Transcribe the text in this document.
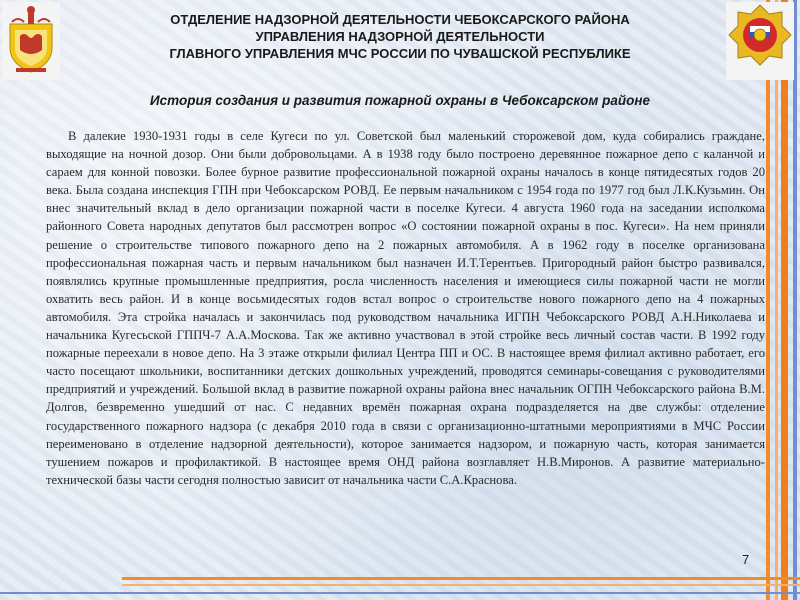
ОТДЕЛЕНИЕ НАДЗОРНОЙ ДЕЯТЕЛЬНОСТИ ЧЕБОКСАРСКОГО РАЙОНА
УПРАВЛЕНИЯ НАДЗОРНОЙ ДЕЯТЕЛЬНОСТИ
ГЛАВНОГО УПРАВЛЕНИЯ МЧС РОССИИ ПО ЧУВАШСКОЙ РЕСПУБЛИКЕ
История создания и развития пожарной охраны в Чебоксарском районе

В далекие 1930-1931 годы в селе Кугеси по ул. Советской был маленький сторожевой дом, куда собирались граждане, выходящие на ночной дозор. Они были добровольцами. А в 1938 году было построено деревянное пожарное депо с каланчой и сараем для конной повозки. Более бурное развитие профессиональной пожарной охраны началось в конце пятидесятых годов 20 века. Была создана инспекция ГПН при Чебоксарском РОВД. Ее первым начальником с 1954 года по 1977 год был Л.К.Кузьмин. Он внес значительный вклад в дело организации пожарной части в поселке Кугеси. 4 августа 1960 года на заседании исполкома районного Совета народных депутатов был рассмотрен вопрос «О состоянии пожарной охраны в пос. Кугеси». На нем приняли решение о строительстве типового пожарного депо на 2 пожарных автомобиля. А в 1962 году в поселке организована профессиональная пожарная часть и первым начальником был назначен И.Т.Терентьев. Пригородный район быстро развивался, появлялись крупные промышленные предприятия, росла численность населения и имеющиеся силы пожарной части не могли охватить весь район. И в конце восьмидесятых годов встал вопрос о строительстве нового пожарного депо на 4 пожарных автомобиля. Эта стройка началась и закончилась под руководством начальника ИГПН Чебоксарского РОВД А.Н.Николаева и начальника Кугесьской ГППЧ-7 А.А.Москова. Так же активно участвовал в этой стройке весь личный состав части. В 1992 году пожарные переехали в новое депо. На 3 этаже открыли филиал Центра ПП и ОС. В настоящее время филиал активно работает, его часто посещают школьники, воспитанники детских дошкольных учреждений, проводятся семинары-совещания с руководителями предприятий и учреждений. Большой вклад в развитие пожарной охраны района внес начальник ОГПН Чебоксарского района В.М. Долгов, безвременно ушедший от нас. С недавних времён пожарная охрана подразделяется на две службы: отделение государственного пожарного надзора (с декабря 2010 года в связи с организационно-штатными мероприятиями в МЧС России переименовано в отделение надзорной деятельности), которое занимается надзором, и пожарную часть, которая занимается тушением пожаров и профилактикой. В настоящее время ОНД района возглавляет Н.В.Миронов. А развитие материально-технической базы части сегодня полностью зависит от начальника части С.А.Краснова.

7
